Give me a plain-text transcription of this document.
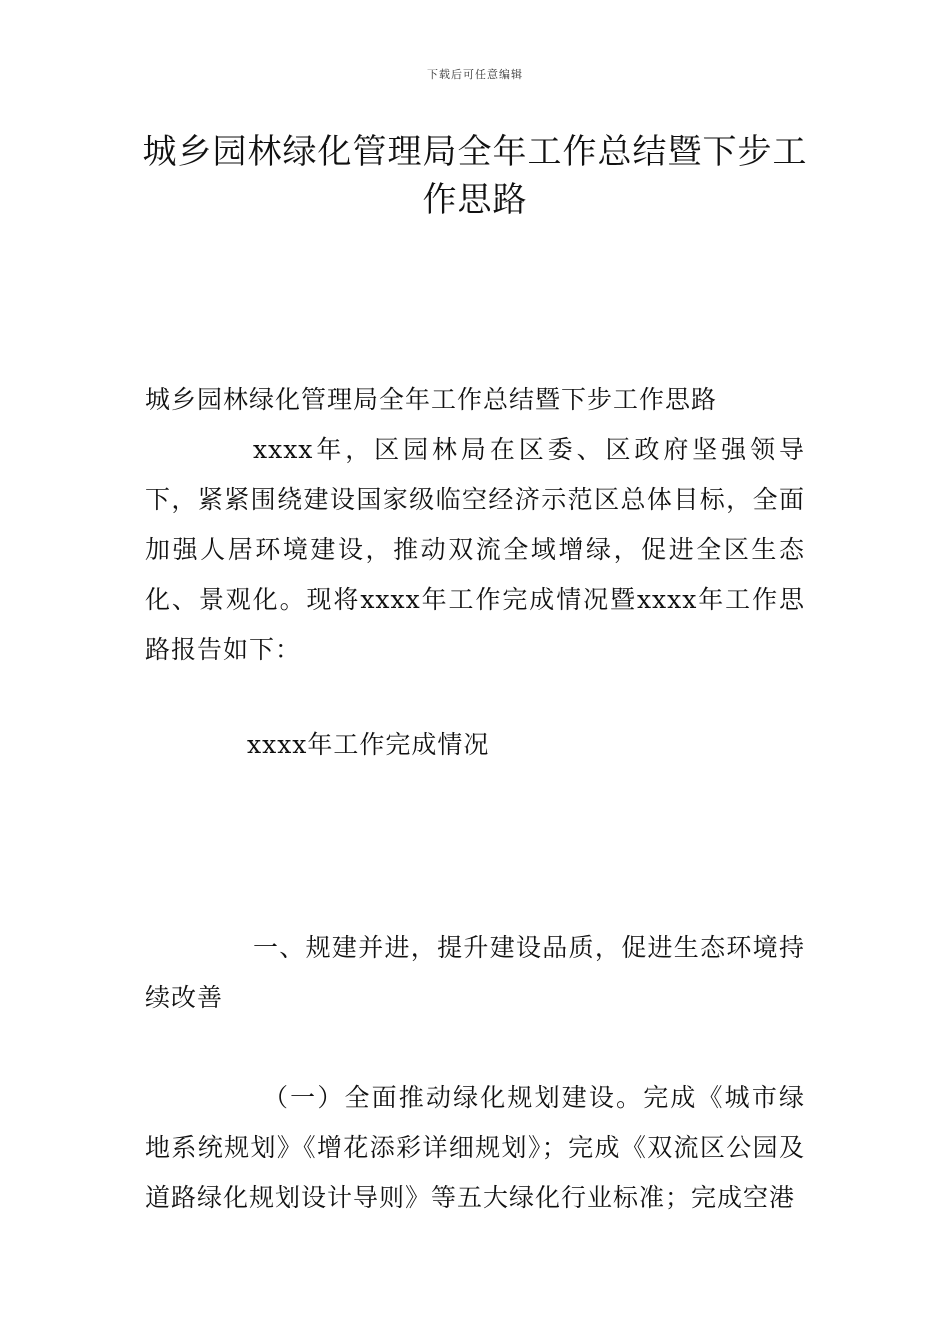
下载后可任意编辑
城乡园林绿化管理局全年工作总结暨下步工作思路

城乡园林绿化管理局全年工作总结暨下步工作思路

xxxx年，区园林局在区委、区政府坚强领导下，紧紧围绕建设国家级临空经济示范区总体目标，全面加强人居环境建设，推动双流全域增绿，促进全区生态化、景观化。现将xxxx年工作完成情况暨xxxx年工作思路报告如下：

xxxx年工作完成情况

一、规建并进，提升建设品质，促进生态环境持续改善

（一）全面推动绿化规划建设。完成《城市绿地系统规划》《增花添彩详细规划》；完成《双流区公园及道路绿化规划设计导则》等五大绿化行业标准；完成空港
